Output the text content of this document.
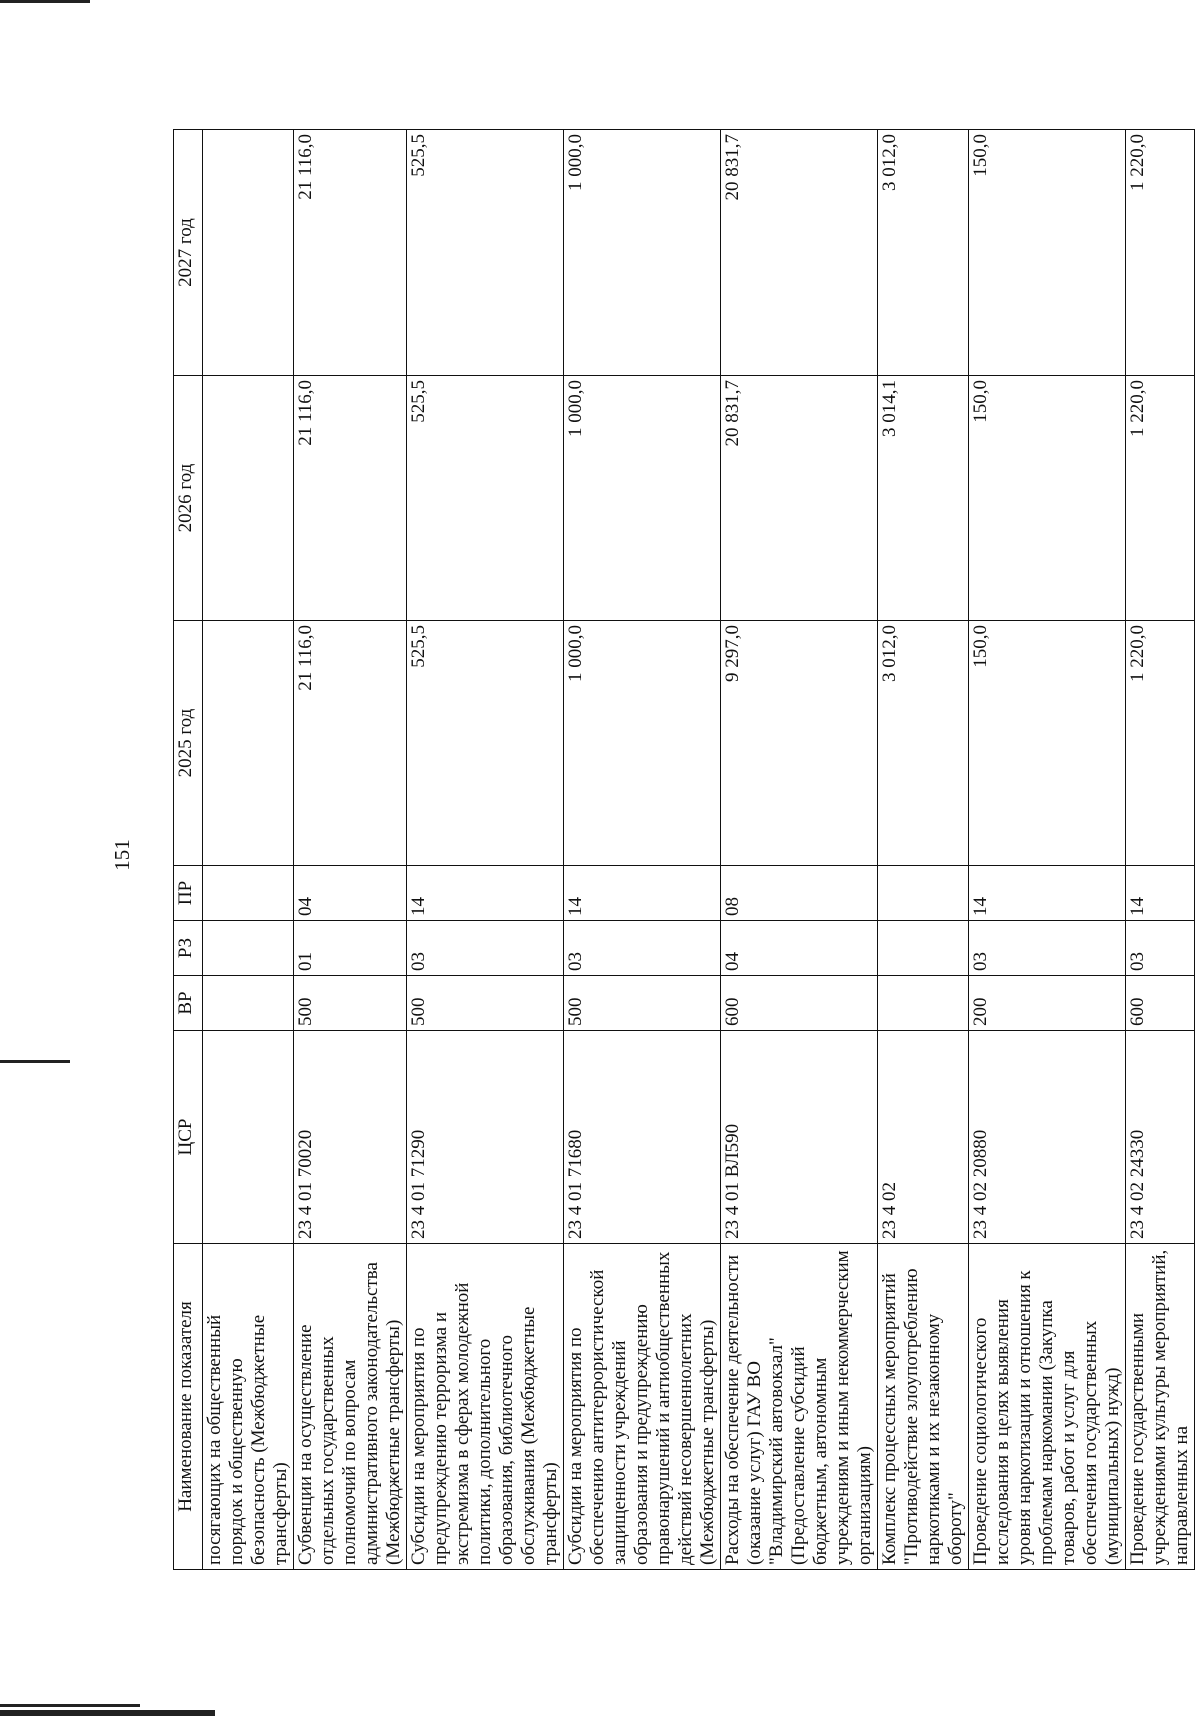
151
Наименование показателя	ЦСР	ВР	РЗ	ПР	2025 год	2026 год	2027 год
посягающих на общественный порядок и общественную безопасность (Межбюджетные трансферты)							
Субвенции на осуществление отдельных государственных полномочий по вопросам административного законодательства (Межбюджетные трансферты)	23 4 01 70020	500	01	04	21 116,0	21 116,0	21 116,0
Субсидии на мероприятия по предупреждению терроризма и экстремизма в сферах молодежной политики, дополнительного образования, библиотечного обслуживания (Межбюджетные трансферты)	23 4 01 71290	500	03	14	525,5	525,5	525,5
Субсидии на мероприятия по обеспечению антитеррористической защищенности учреждений образования и предупреждению правонарушений и антиобщественных действий несовершеннолетних (Межбюджетные трансферты)	23 4 01 71680	500	03	14	1 000,0	1 000,0	1 000,0
Расходы на обеспечение деятельности (оказание услуг) ГАУ ВО "Владимирский автовокзал" (Предоставление субсидий бюджетным, автономным учреждениям и иным некоммерческим организациям)	23 4 01 ВЛ590	600	04	08	9 297,0	20 831,7	20 831,7
Комплекс процессных мероприятий "Противодействие злоупотреблению наркотиками и их незаконному обороту"	23 4 02				3 012,0	3 014,1	3 012,0
Проведение социологического исследования в целях выявления уровня наркотизации и отношения к проблемам наркомании (Закупка товаров, работ и услуг для обеспечения государственных (муниципальных) нужд)	23 4 02 20880	200	03	14	150,0	150,0	150,0
Проведение государственными учреждениями культуры мероприятий, направленных на	23 4 02 24330	600	03	14	1 220,0	1 220,0	1 220,0
